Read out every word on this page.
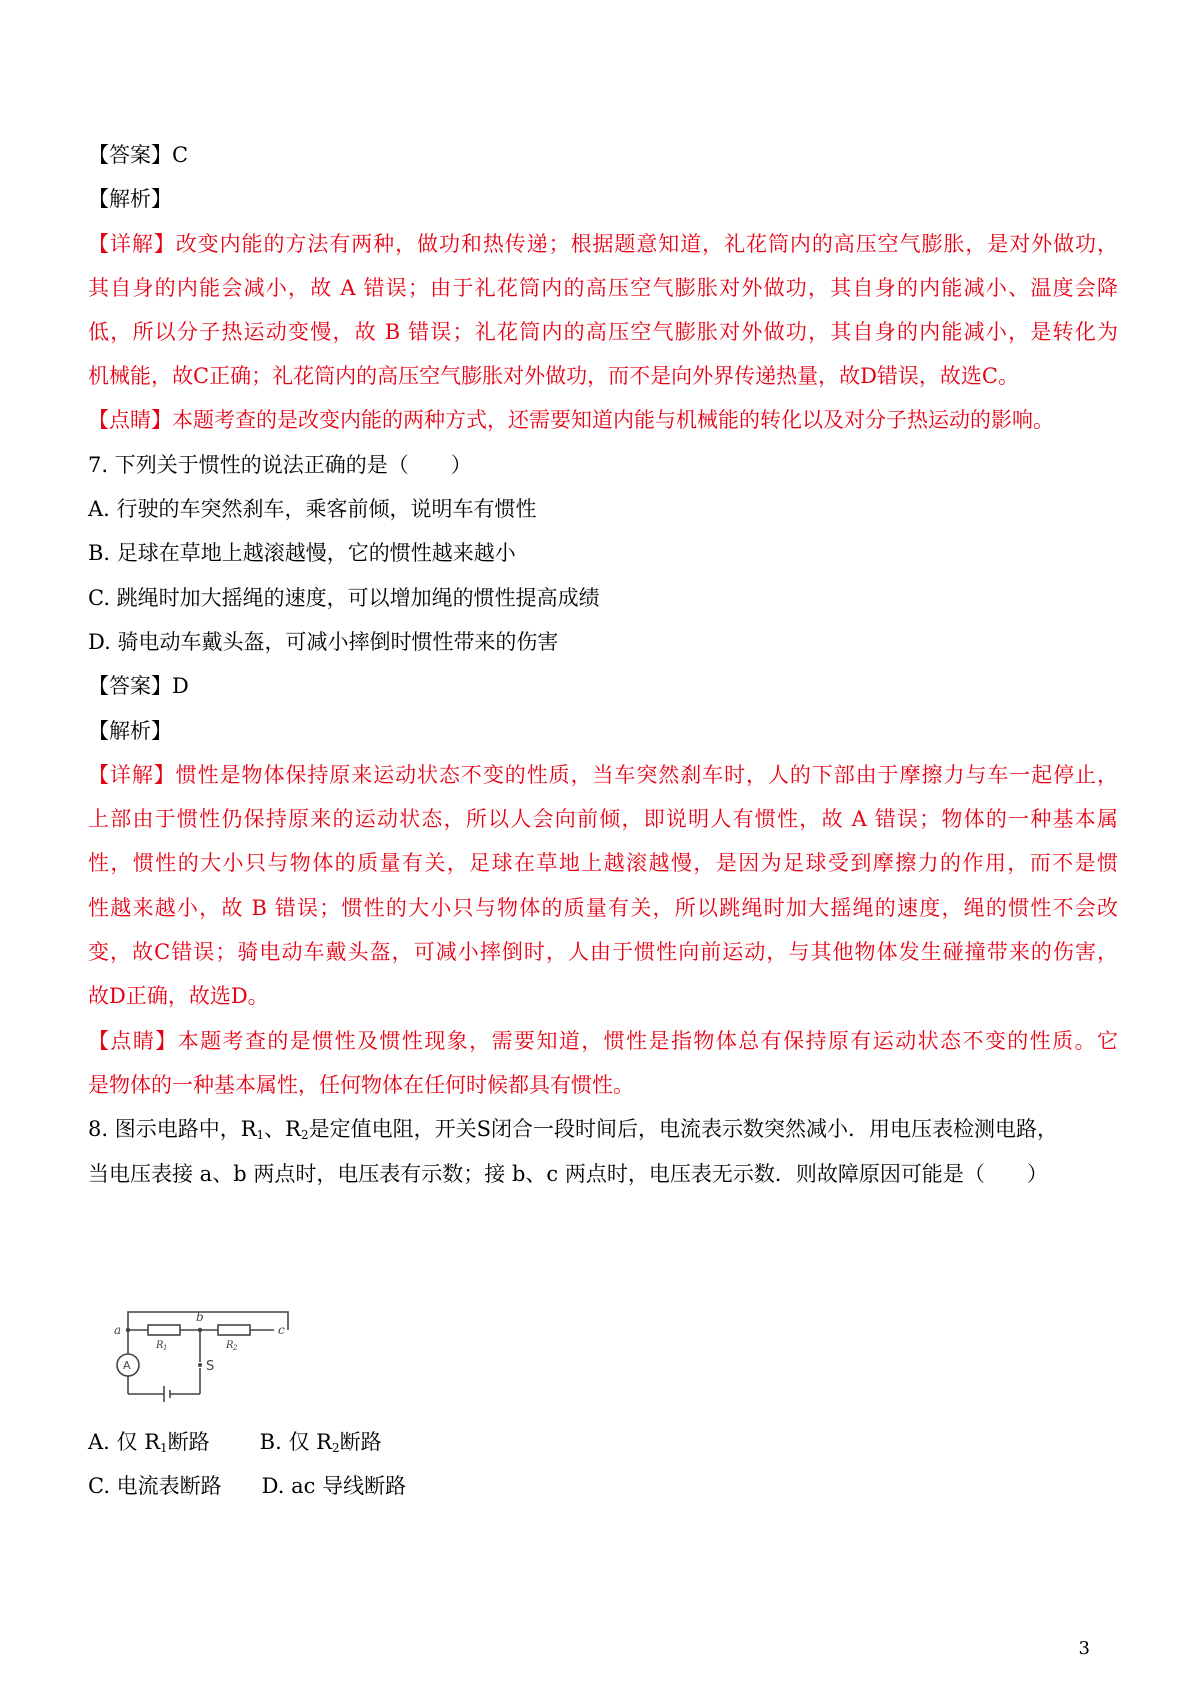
【答案】C
【解析】
【详解】改变内能的方法有两种，做功和热传递；根据题意知道，礼花筒内的高压空气膨胀，是对外做功，
其自身的内能会减小，故 A 错误；由于礼花筒内的高压空气膨胀对外做功，其自身的内能减小、温度会降
低，所以分子热运动变慢，故 B 错误；礼花筒内的高压空气膨胀对外做功，其自身的内能减小，是转化为
机械能，故C正确；礼花筒内的高压空气膨胀对外做功，而不是向外界传递热量，故D错误，故选C。
【点睛】本题考查的是改变内能的两种方式，还需要知道内能与机械能的转化以及对分子热运动的影响。
7. 下列关于惯性的说法正确的是（　　）
A. 行驶的车突然刹车，乘客前倾，说明车有惯性
B. 足球在草地上越滚越慢，它的惯性越来越小
C. 跳绳时加大摇绳的速度，可以增加绳的惯性提高成绩
D. 骑电动车戴头盔，可减小摔倒时惯性带来的伤害
【答案】D
【解析】
【详解】惯性是物体保持原来运动状态不变的性质，当车突然刹车时，人的下部由于摩擦力与车一起停止，
上部由于惯性仍保持原来的运动状态，所以人会向前倾，即说明人有惯性，故 A 错误；物体的一种基本属
性，惯性的大小只与物体的质量有关，足球在草地上越滚越慢，是因为足球受到摩擦力的作用，而不是惯
性越来越小，故 B 错误；惯性的大小只与物体的质量有关，所以跳绳时加大摇绳的速度，绳的惯性不会改
变，故C错误；骑电动车戴头盔，可减小摔倒时，人由于惯性向前运动，与其他物体发生碰撞带来的伤害，
故D正确，故选D。
【点睛】本题考查的是惯性及惯性现象，需要知道，惯性是指物体总有保持原有运动状态不变的性质。它
是物体的一种基本属性，任何物体在任何时候都具有惯性。
8. 图示电路中，$R_1$、$R_2$是定值电阻，开关S闭合一段时间后，电流表示数突然减小．用电压表检测电路，
当电压表接 a、b 两点时，电压表有示数；接 b、c 两点时，电压表无示数．则故障原因可能是（　　）
a
b
c
R 1	R 2
S
A
A. 仅 $R_1$断路 B. 仅 $R_2$断路
C. 电流表断路 D. ac 导线断路
3
